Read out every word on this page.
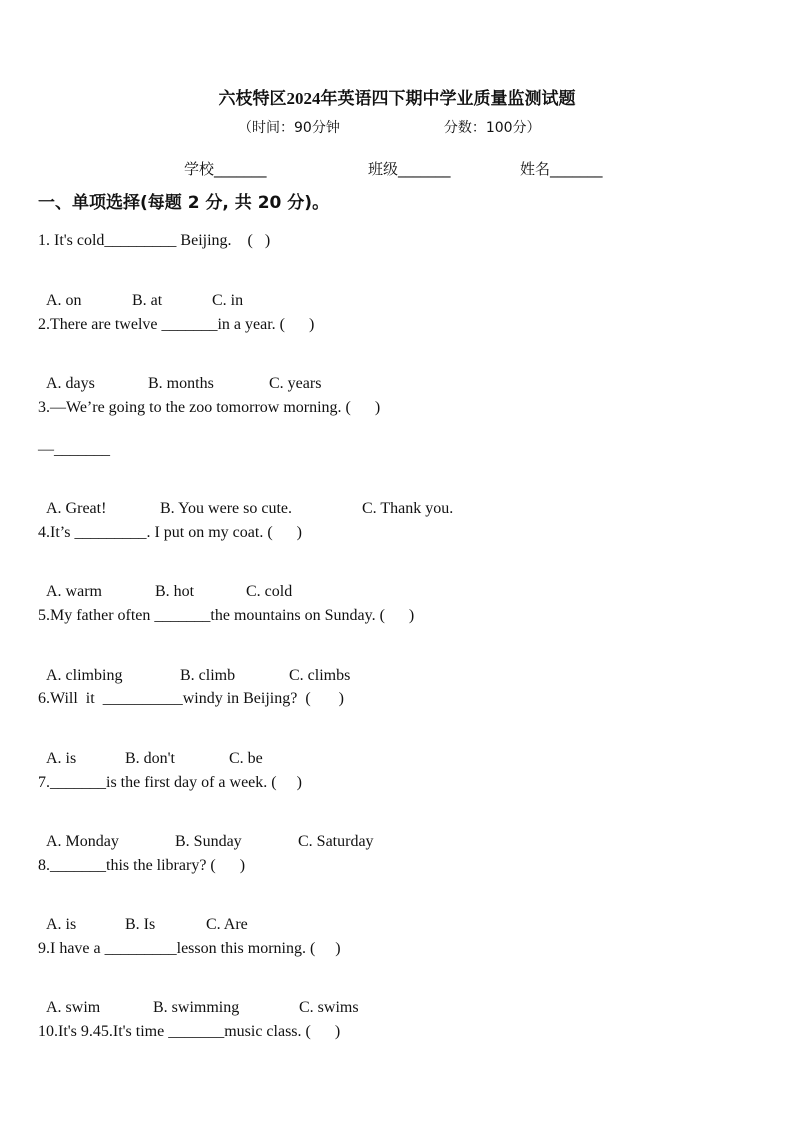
六枝特区2024年英语四下期中学业质量监测试题
（时间：90分钟	分数：100分）
学校_______	班级_______	姓名_______
一、单项选择(每题 2 分, 共 20 分)。
1. It's cold_________ Beijing.    (   )

A. on	B. at	C. in

2.There are twelve _______in a year. (      )

A. days	B. months	C. years

3.—We’re going to the zoo tomorrow morning. (      )
—_______

A. Great!	B. You were so cute.	C. Thank you.

4.It’s _________. I put on my coat. (      )

A. warm	B. hot	C. cold

5.My father often _______the mountains on Sunday. (      )

A. climbing	B. climb	C. climbs

6.Will  it  __________windy in Beijing?  (       )

A. is	B. don't	C. be

7._______is the first day of a week. (     )

A. Monday	B. Sunday	C. Saturday

8._______this the library? (      )

A. is	B. Is	C. Are

9.I have a _________lesson this morning. (     )

A. swim	B. swimming	C. swims

10.It's 9.45.It's time _______music class. (      )
